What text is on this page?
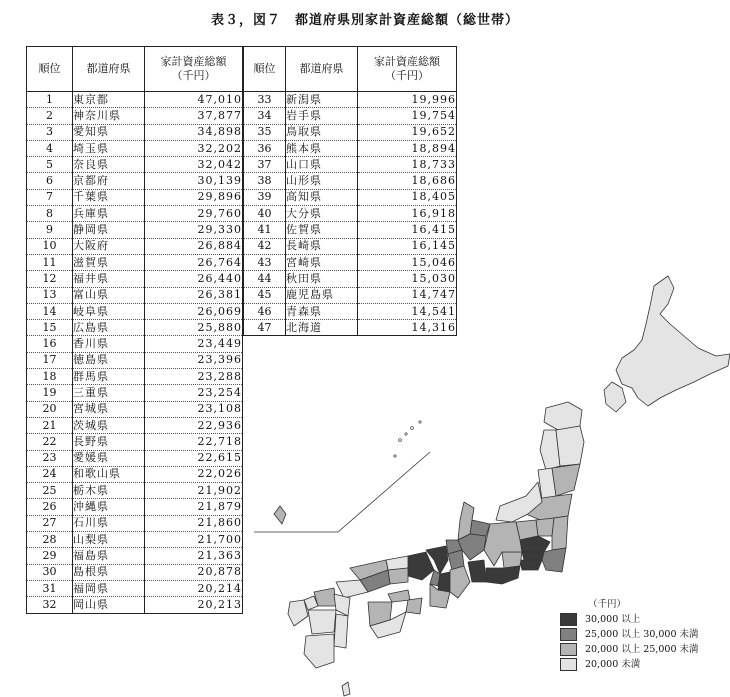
表３，図７　都道府県別家計資産総額（総世帯）
順位	都道府県	家計資産総額
（千円）
1	東京都	47,010
2	神奈川県	37,877
3	愛知県	34,898
4	埼玉県	32,202
5	奈良県	32,042
6	京都府	30,139
7	千葉県	29,896
8	兵庫県	29,760
9	静岡県	29,330
10	大阪府	26,884
11	滋賀県	26,764
12	福井県	26,440
13	富山県	26,381
14	岐阜県	26,069
15	広島県	25,880
16	香川県	23,449
17	徳島県	23,396
18	群馬県	23,288
19	三重県	23,254
20	宮城県	23,108
21	茨城県	22,936
22	長野県	22,718
23	愛媛県	22,615
24	和歌山県	22,026
25	栃木県	21,902
26	沖縄県	21,879
27	石川県	21,860
28	山梨県	21,700
29	福島県	21,363
30	島根県	20,878
31	福岡県	20,214
32	岡山県	20,213
順位	都道府県	家計資産総額
（千円）
33	新潟県	19,996
34	岩手県	19,754
35	鳥取県	19,652
36	熊本県	18,894
37	山口県	18,733
38	山形県	18,686
39	高知県	18,405
40	大分県	16,918
41	佐賀県	16,415
42	長崎県	16,145
43	宮崎県	15,046
44	秋田県	15,030
45	鹿児島県	14,747
46	青森県	14,541
47	北海道	14,316
（千円）
30,000 以上
25,000 以上 30,000 未満
20,000 以上 25,000 未満
20,000 未満
